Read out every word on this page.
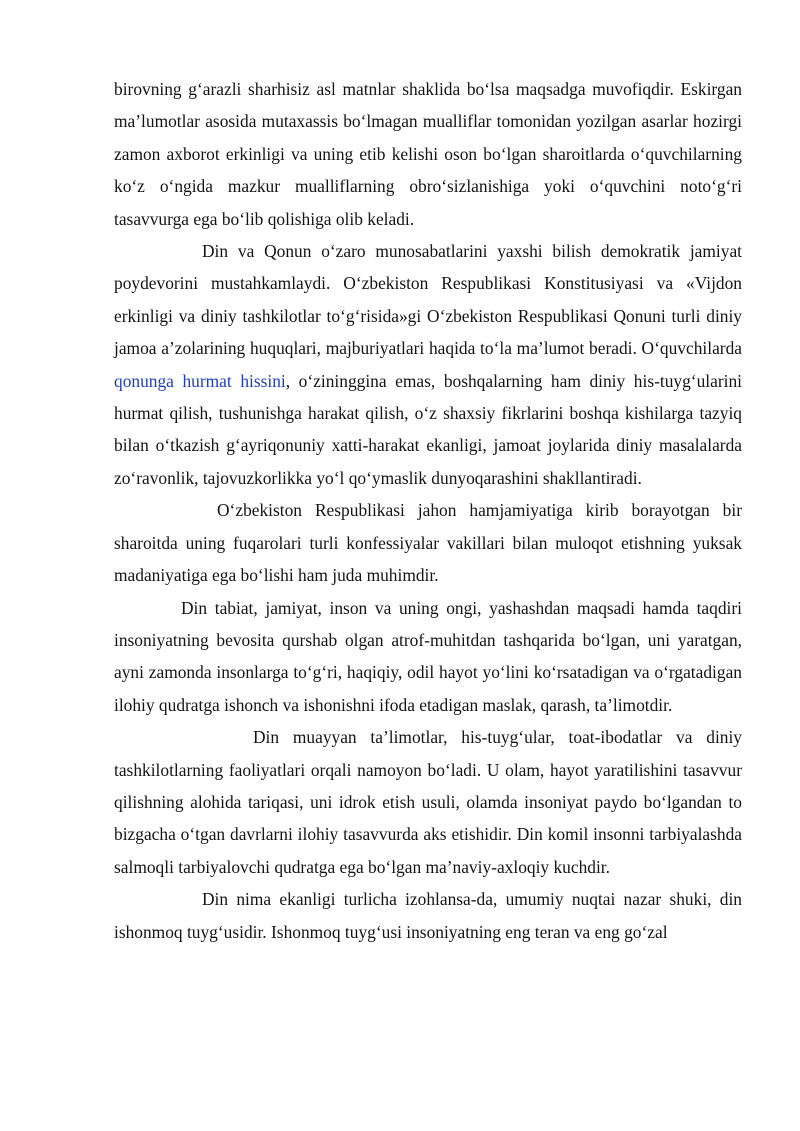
birovning g‘arazli sharhisiz asl matnlar shaklida bo‘lsa maqsadga muvofiqdir. Eskirgan ma’lumotlar asosida mutaxassis bo‘lmagan mualliflar tomonidan yozilgan asarlar hozirgi zamon axborot erkinligi va uning etib kelishi oson bo‘lgan sharoitlarda o‘quvchilarning ko‘z o‘ngida mazkur mualliflarning obro‘sizlanishiga yoki o‘quvchini noto‘g‘ri tasavvurga ega bo‘lib qolishiga olib keladi.

Din va Qonun o‘zaro munosabatlarini yaxshi bilish demokratik jamiyat poydevorini mustahkamlaydi. O‘zbekiston Respublikasi Konstitusiyasi va «Vijdon erkinligi va diniy tashkilotlar to‘g‘risida»gi O‘zbekiston Respublikasi Qonuni turli diniy jamoa a’zolarining huquqlari, majburiyatlari haqida to‘la ma’lumot beradi. O‘quvchilarda qonunga hurmat hissini, o‘zininggina emas, boshqalarning ham diniy his-tuyg‘ularini hurmat qilish, tushunishga harakat qilish, o‘z shaxsiy fikrlarini boshqa kishilarga tazyiq bilan o‘tkazish g‘ayriqonuniy xatti-harakat ekanligi, jamoat joylarida diniy masalalarda zo‘ravonlik, tajovuzkorlikka yo‘l qo‘ymaslik dunyoqarashini shakllantiradi.

O‘zbekiston Respublikasi jahon hamjamiyatiga kirib borayotgan bir sharoitda uning fuqarolari turli konfessiyalar vakillari bilan muloqot etishning yuksak madaniyatiga ega bo‘lishi ham juda muhimdir.

Din tabiat, jamiyat, inson va uning ongi, yashashdan maqsadi hamda taqdiri insoniyatning bevosita qurshab olgan atrof-muhitdan tashqarida bo‘lgan, uni yaratgan, ayni zamonda insonlarga to‘g‘ri, haqiqiy, odil hayot yo‘lini ko‘rsatadigan va o‘rgatadigan ilohiy qudratga ishonch va ishonishni ifoda etadigan maslak, qarash, ta’limotdir.

Din muayyan ta’limotlar, his-tuyg‘ular, toat-ibodatlar va diniy tashkilotlarning faoliyatlari orqali namoyon bo‘ladi. U olam, hayot yaratilishini tasavvur qilishning alohida tariqasi, uni idrok etish usuli, olamda insoniyat paydo bo‘lgandan to bizgacha o‘tgan davrlarni ilohiy tasavvurda aks etishidir. Din komil insonni tarbiyalashda salmoqli tarbiyalovchi qudratga ega bo‘lgan ma’naviy-axloqiy kuchdir.

Din nima ekanligi turlicha izohlansa-da, umumiy nuqtai nazar shuki, din ishonmoq tuyg‘usidir. Ishonmoq tuyg‘usi insoniyatning eng teran va eng go‘zal
